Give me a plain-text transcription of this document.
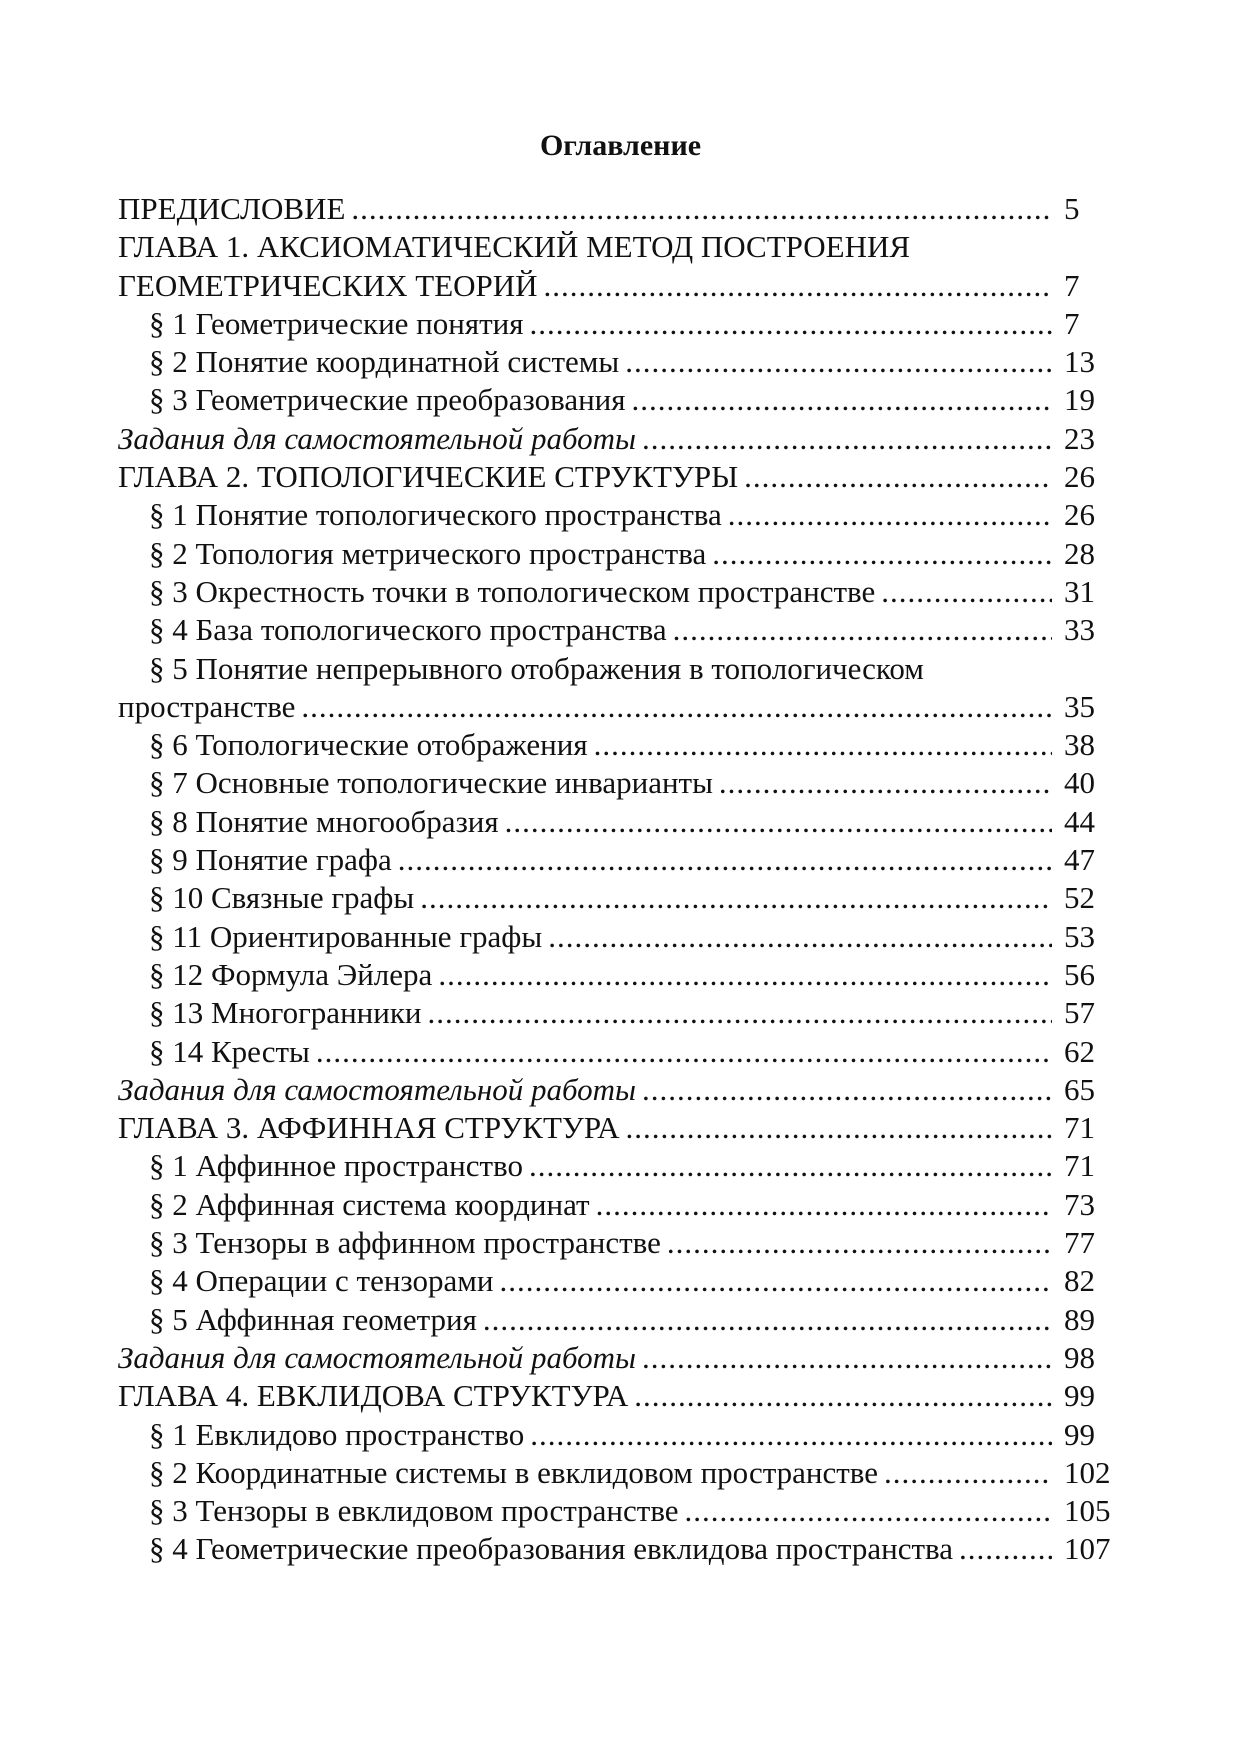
Оглавление
ПРЕДИСЛОВИЕ .....	5
ГЛАВА 1. АКСИОМАТИЧЕСКИЙ МЕТОД ПОСТРОЕНИЯ
ГЕОМЕТРИЧЕСКИХ ТЕОРИЙ .....	7
§ 1 Геометрические понятия .....	7
§ 2 Понятие координатной системы .....	13
§ 3 Геометрические преобразования .....	19
Задания для самостоятельной работы .....	23
ГЛАВА 2. ТОПОЛОГИЧЕСКИЕ СТРУКТУРЫ .....	26
§ 1 Понятие топологического пространства .....	26
§ 2 Топология метрического пространства .....	28
§ 3 Окрестность точки в топологическом пространстве .....	31
§ 4 База топологического пространства .....	33
§ 5 Понятие непрерывного отображения в топологическом
пространстве .....	35
§ 6 Топологические отображения .....	38
§ 7 Основные топологические инварианты .....	40
§ 8 Понятие многообразия .....	44
§ 9 Понятие графа .....	47
§ 10 Связные графы .....	52
§ 11 Ориентированные графы .....	53
§ 12 Формула Эйлера .....	56
§ 13 Многогранники .....	57
§ 14 Кресты .....	62
Задания для самостоятельной работы .....	65
ГЛАВА 3. АФФИННАЯ СТРУКТУРА .....	71
§ 1 Аффинное пространство .....	71
§ 2 Аффинная система координат .....	73
§ 3 Тензоры в аффинном пространстве .....	77
§ 4 Операции с тензорами .....	82
§ 5 Аффинная геометрия .....	89
Задания для самостоятельной работы .....	98
ГЛАВА 4. ЕВКЛИДОВА СТРУКТУРА .....	99
§ 1 Евклидово пространство .....	99
§ 2 Координатные системы в евклидовом пространстве .....	102
§ 3 Тензоры в евклидовом пространстве .....	105
§ 4 Геометрические преобразования евклидова пространства .....	107
